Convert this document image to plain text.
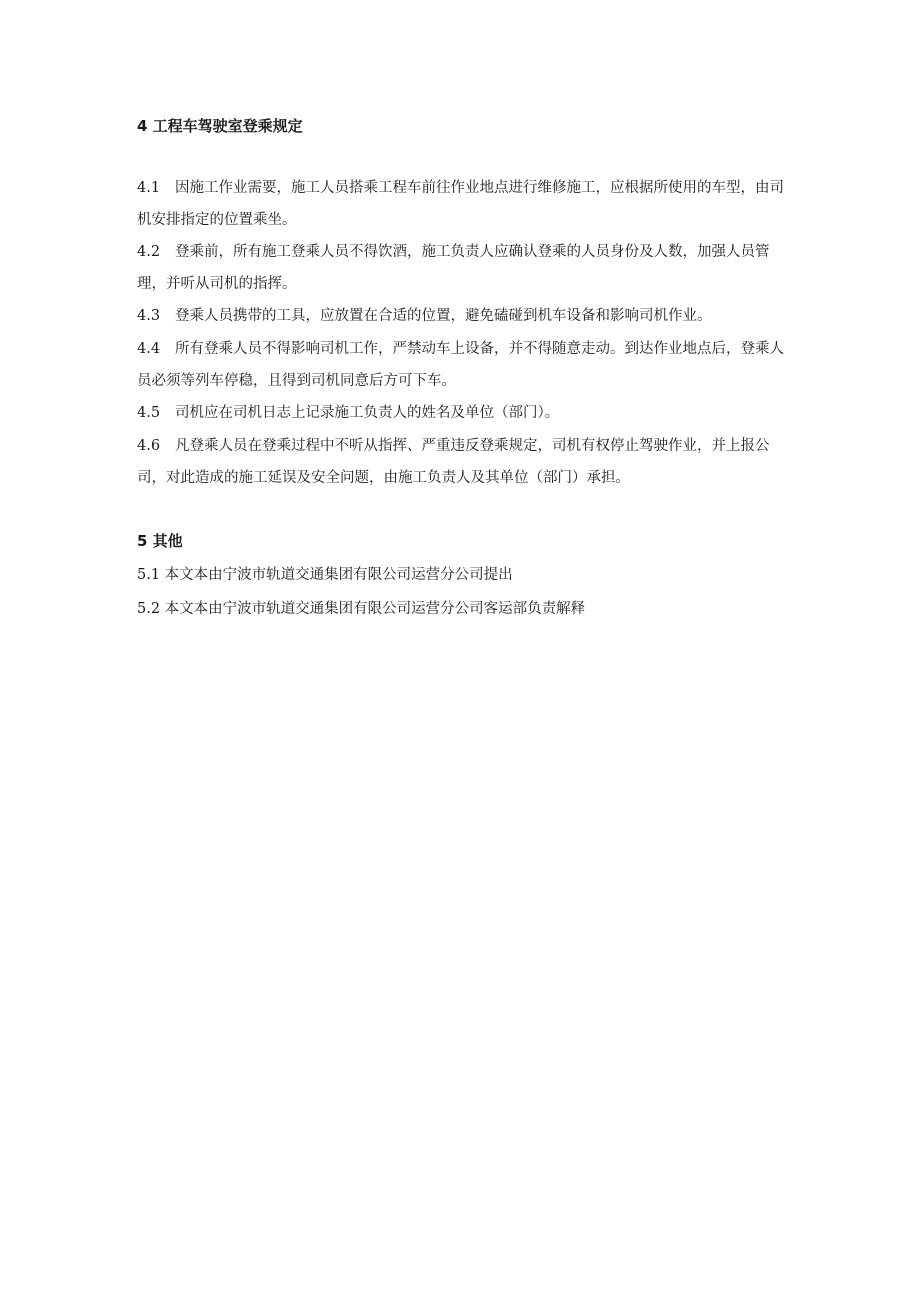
4 工程车驾驶室登乘规定
4.1 因施工作业需要，施工人员搭乘工程车前往作业地点进行维修施工，应根据所使用的车型，由司机安排指定的位置乘坐。
4.2 登乘前，所有施工登乘人员不得饮酒，施工负责人应确认登乘的人员身份及人数，加强人员管理，并听从司机的指挥。
4.3 登乘人员携带的工具，应放置在合适的位置，避免磕碰到机车设备和影响司机作业。
4.4 所有登乘人员不得影响司机工作，严禁动车上设备，并不得随意走动。到达作业地点后，登乘人员必须等列车停稳，且得到司机同意后方可下车。
4.5 司机应在司机日志上记录施工负责人的姓名及单位（部门）。
4.6 凡登乘人员在登乘过程中不听从指挥、严重违反登乘规定，司机有权停止驾驶作业，并上报公司，对此造成的施工延误及安全问题，由施工负责人及其单位（部门）承担。
5 其他
5.1 本文本由宁波市轨道交通集团有限公司运营分公司提出
5.2 本文本由宁波市轨道交通集团有限公司运营分公司客运部负责解释
